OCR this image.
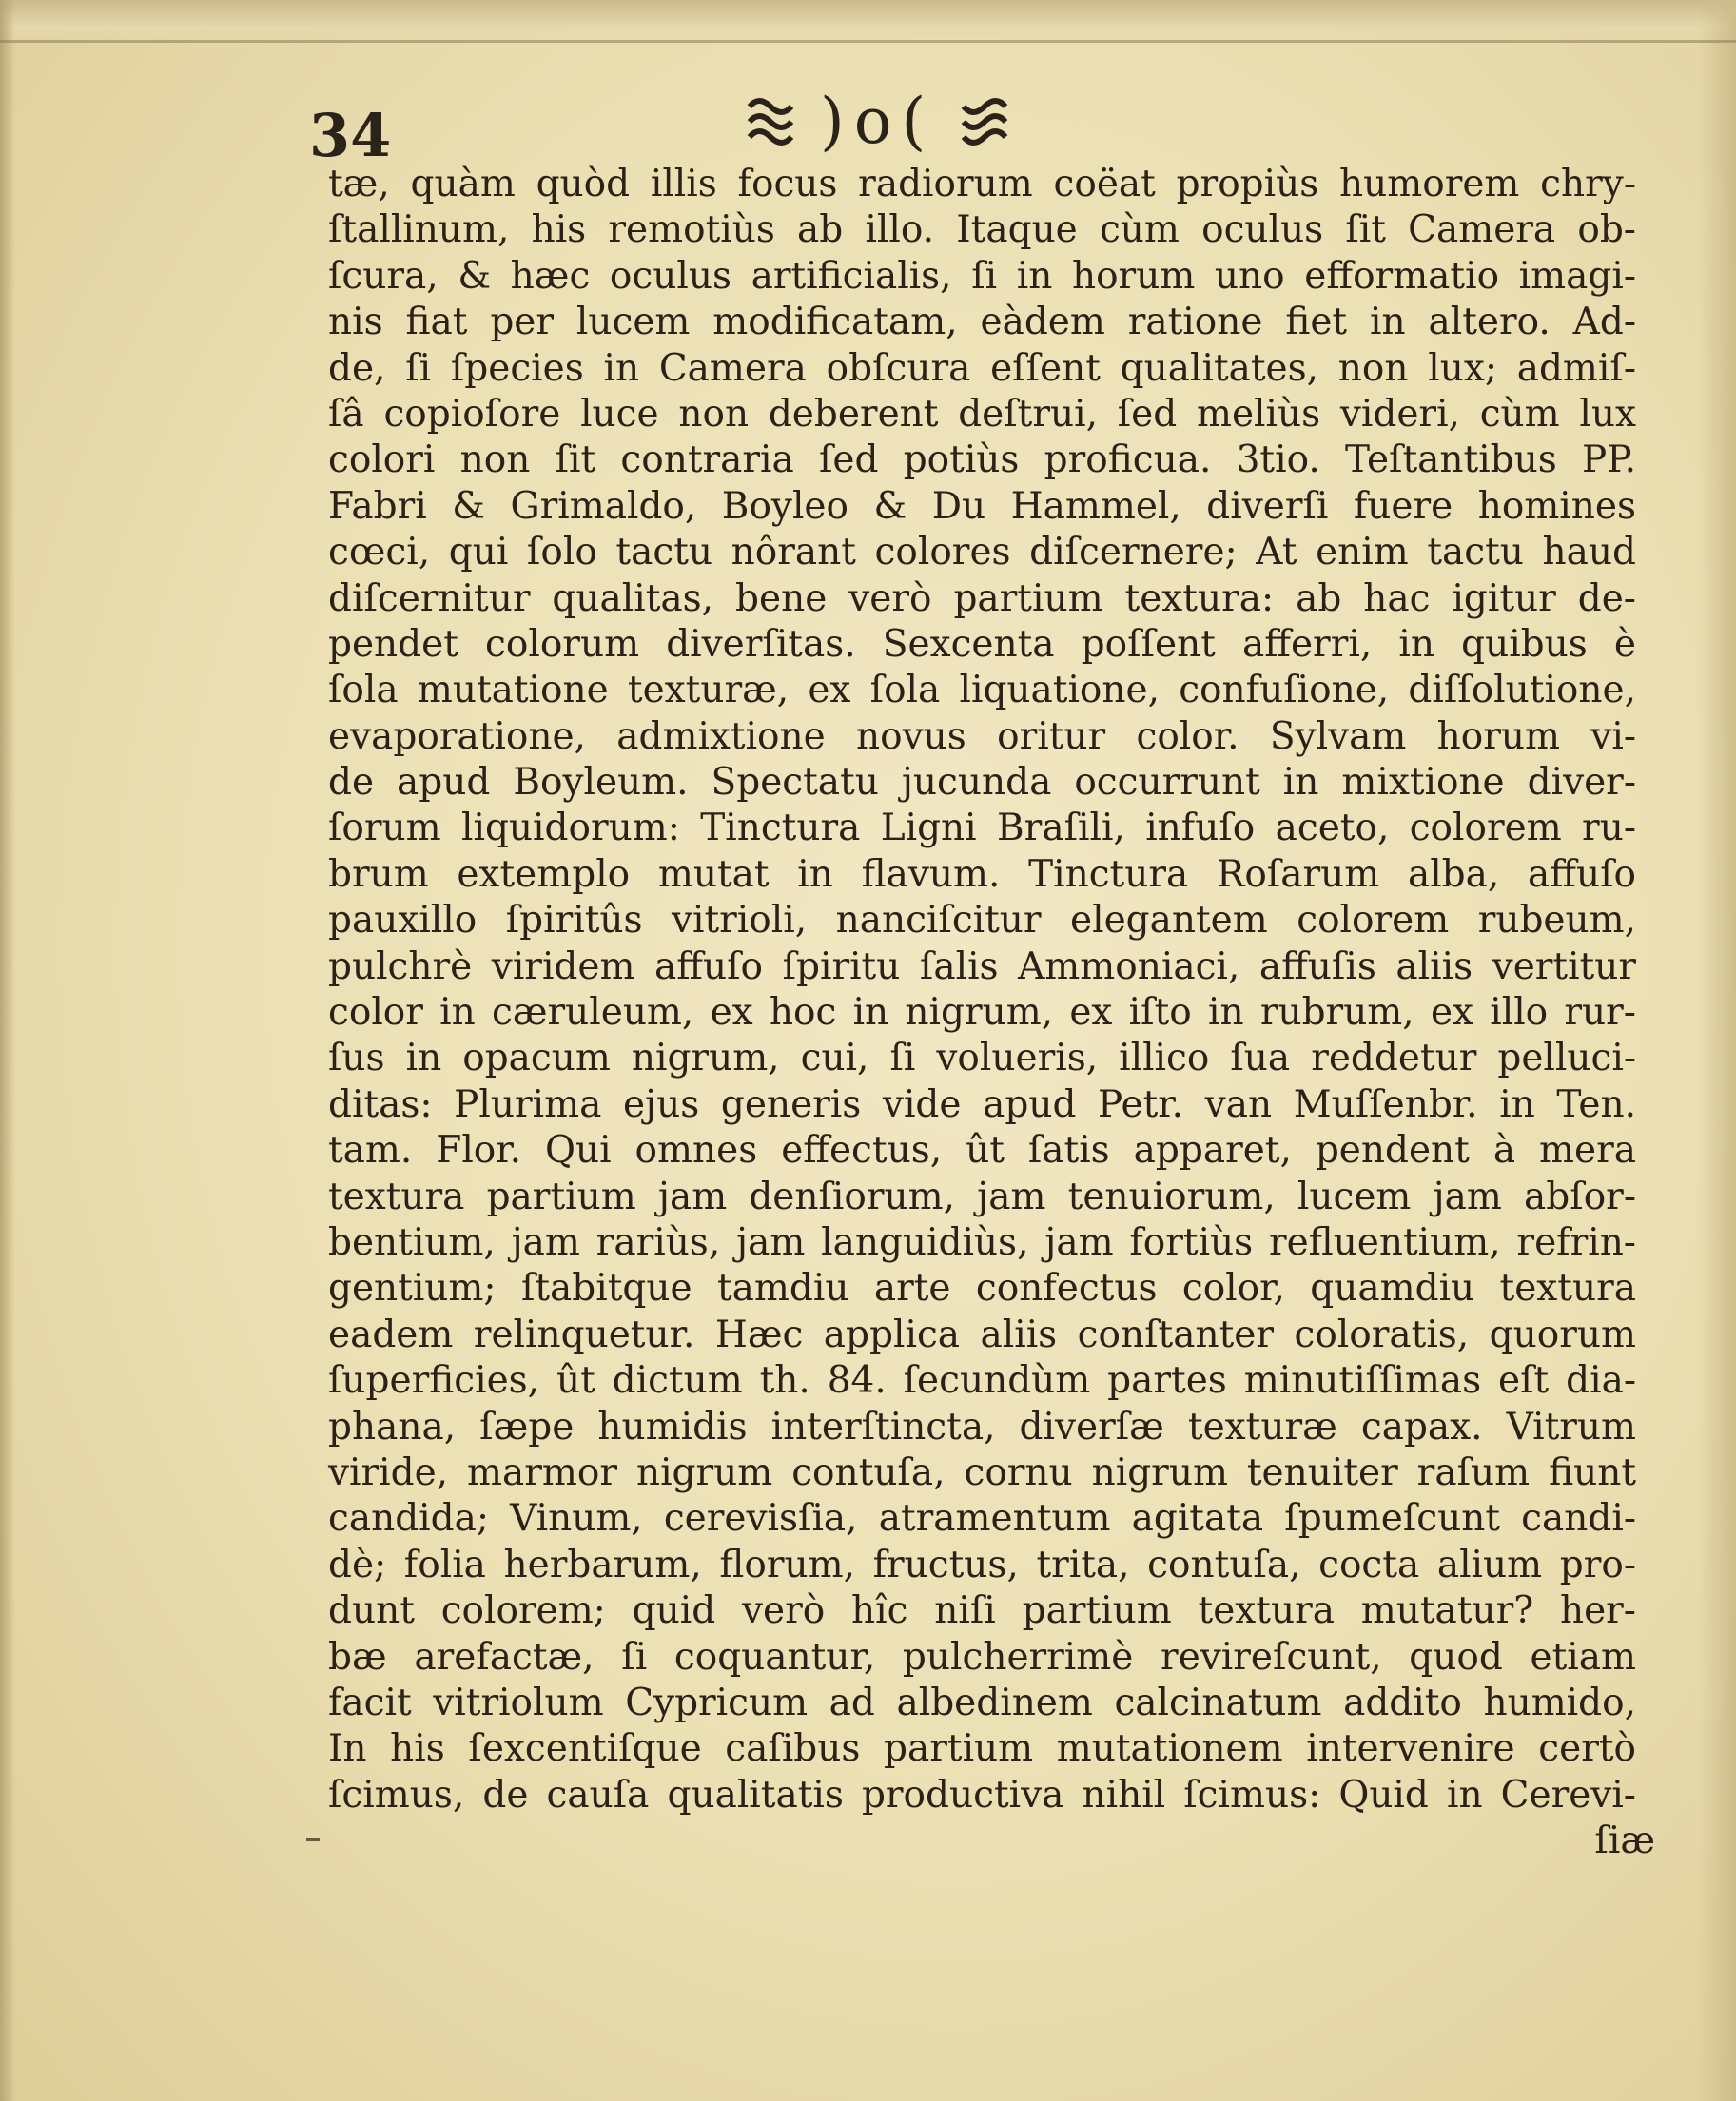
34	)o(
tæ, quàm quòd illis focus radiorum coëat propiùs humorem chry-
ſtallinum, his remotiùs ab illo. Itaque cùm oculus ſit Camera ob-
ſcura, & hæc oculus artificialis, ſi in horum uno efformatio imagi-
nis fiat per lucem modificatam, eàdem ratione fiet in altero. Ad-
de, ſi ſpecies in Camera obſcura eſſent qualitates, non lux; admiſ-
ſâ copioſore luce non deberent deſtrui, ſed meliùs videri, cùm lux
colori non ſit contraria ſed potiùs proficua. 3tio. Teſtantibus PP.
Fabri & Grimaldo, Boyleo & Du Hammel, diverſi fuere homines
cœci, qui ſolo tactu nôrant colores diſcernere; At enim tactu haud
diſcernitur qualitas, bene verò partium textura: ab hac igitur de-
pendet colorum diverſitas. Sexcenta poſſent afferri, in quibus è
ſola mutatione texturæ, ex ſola liquatione, confuſione, diſſolutione,
evaporatione, admixtione novus oritur color. Sylvam horum vi-
de apud Boyleum. Spectatu jucunda occurrunt in mixtione diver-
ſorum liquidorum: Tinctura Ligni Braſili, infuſo aceto, colorem ru-
brum extemplo mutat in flavum. Tinctura Roſarum alba, affuſo
pauxillo ſpiritûs vitrioli, nanciſcitur elegantem colorem rubeum,
pulchrè viridem affuſo ſpiritu ſalis Ammoniaci, affuſis aliis vertitur
color in cæruleum, ex hoc in nigrum, ex iſto in rubrum, ex illo rur-
ſus in opacum nigrum, cui, ſi volueris, illico ſua reddetur pelluci-
ditas: Plurima ejus generis vide apud Petr. van Muſſenbr. in Ten.
tam. Flor. Qui omnes effectus, ût ſatis apparet, pendent à mera
textura partium jam denſiorum, jam tenuiorum, lucem jam abſor-
bentium, jam rariùs, jam languidiùs, jam fortiùs refluentium, refrin-
gentium; ſtabitque tamdiu arte confectus color, quamdiu textura
eadem relinquetur. Hæc applica aliis conſtanter coloratis, quorum
ſuperficies, ût dictum th. 84. ſecundùm partes minutiſſimas eſt dia-
phana, ſæpe humidis interſtincta, diverſæ texturæ capax. Vitrum
viride, marmor nigrum contuſa, cornu nigrum tenuiter raſum fiunt
candida; Vinum, cerevisſia, atramentum agitata ſpumeſcunt candi-
dè; folia herbarum, florum, fructus, trita, contuſa, cocta alium pro-
dunt colorem; quid verò hîc niſi partium textura mutatur? her-
bæ arefactæ, ſi coquantur, pulcherrimè revireſcunt, quod etiam
facit vitriolum Cypricum ad albedinem calcinatum addito humido,
In his ſexcentiſque caſibus partium mutationem intervenire certò
ſcimus, de cauſa qualitatis productiva nihil ſcimus: Quid in Cerevi-
ſiæ
